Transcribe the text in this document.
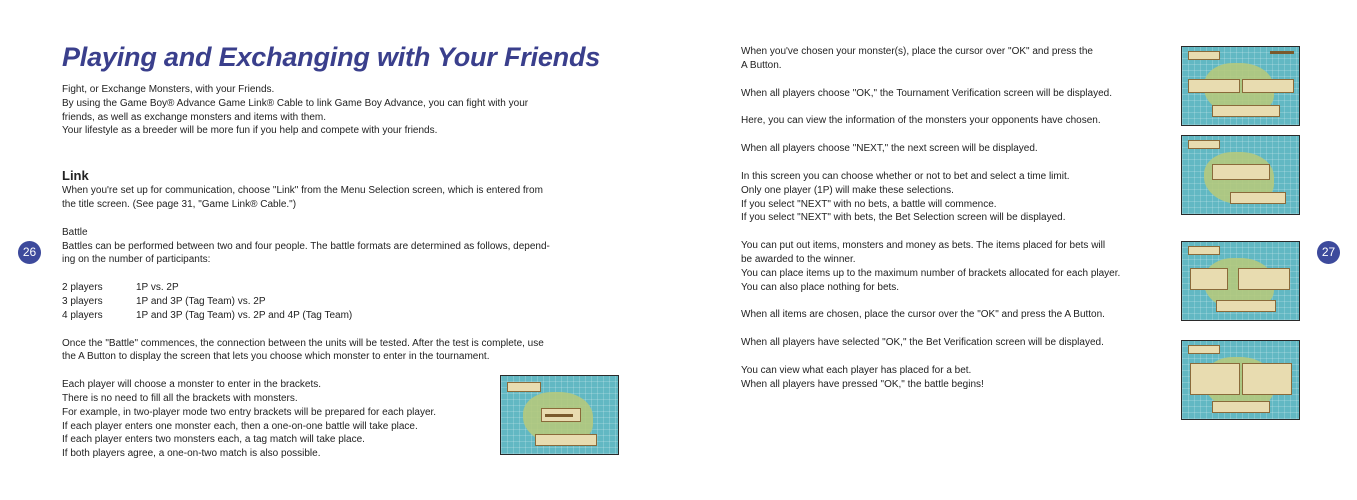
Playing and Exchanging with Your Friends

Fight, or Exchange Monsters, with your Friends.

By using the Game Boy® Advance Game Link® Cable to link Game Boy Advance, you can fight with your

friends, as well as exchange monsters and items with them.

Your lifestyle as a breeder will be more fun if you help and compete with your friends.

Link

When you're set up for communication, choose "Link" from the Menu Selection screen, which is entered from

the title screen. (See page 31, "Game Link® Cable.")

Battle

Battles can be performed between two and four people. The battle formats are determined as follows, depend-

ing on the number of participants:

2 players	1P vs. 2P
3 players	1P and 3P (Tag Team) vs. 2P
4 players	1P and 3P (Tag Team) vs. 2P and 4P (Tag Team)

Once the "Battle" commences, the connection between the units will be tested. After the test is complete, use

the A Button to display the screen that lets you choose which monster to enter in the tournament.

Each player will choose a monster to enter in the brackets.

There is no need to fill all the brackets with monsters.

For example, in two-player mode two entry brackets will be prepared for each player.

If each player enters one monster each, then a one-on-one battle will take place.

If each player enters two monsters each, a tag match will take place.

If both players agree, a one-on-two match is also possible.

When you've chosen your monster(s), place the cursor over "OK" and press the

A Button.

When all players choose "OK," the Tournament Verification screen will be displayed.

Here, you can view the information of the monsters your opponents have chosen.

When all players choose "NEXT," the next screen will be displayed.

In this screen you can choose whether or not to bet and select a time limit.

Only one player (1P) will make these selections.

If you select "NEXT" with no bets, a battle will commence.

If you select "NEXT" with bets, the Bet Selection screen will be displayed.

You can put out items, monsters and money as bets. The items placed for bets will

be awarded to the winner.

You can place items up to the maximum number of brackets allocated for each player.

You can also place nothing for bets.

When all items are chosen, place the cursor over the "OK" and press the A Button.

When all players have selected "OK," the Bet Verification screen will be displayed.

You can view what each player has placed for a bet.

When all players have pressed "OK," the battle begins!

26	27
